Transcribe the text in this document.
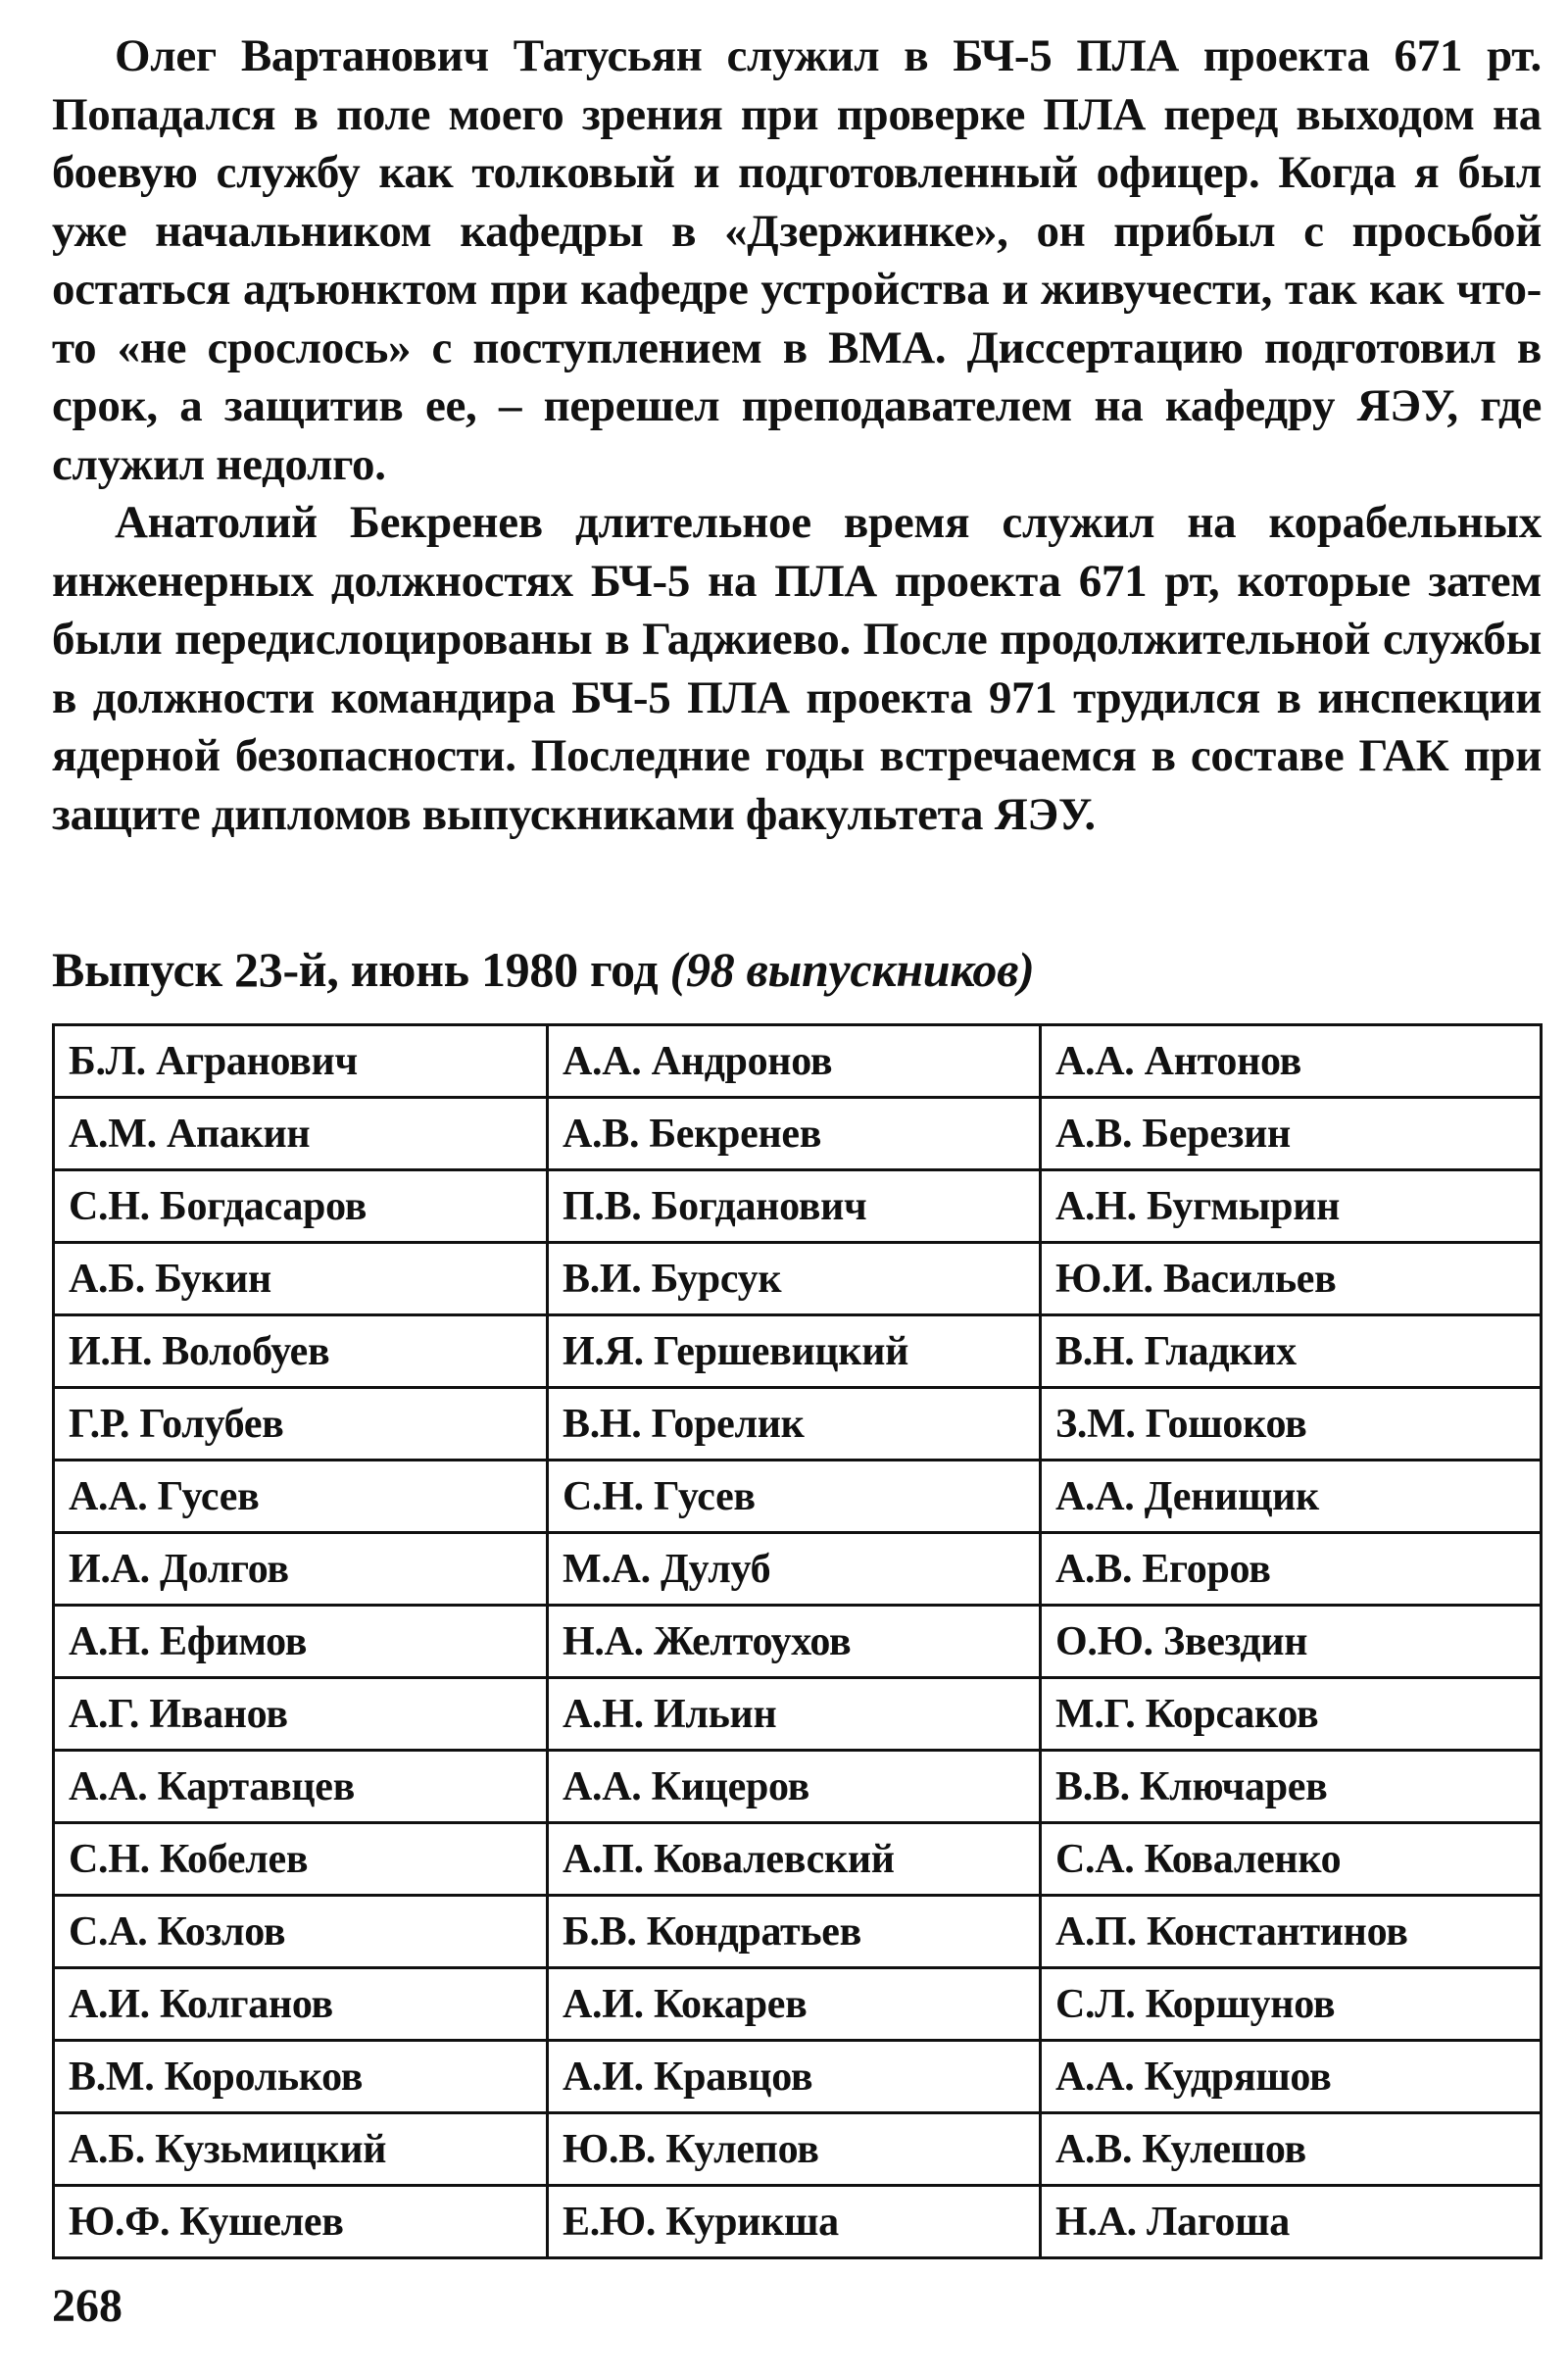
Олег Вартанович Татусьян служил в БЧ-5 ПЛА проекта 671 рт. Попадался в поле моего зрения при проверке ПЛА перед выходом на боевую службу как толковый и подготовленный офицер. Когда я был уже начальником кафедры в «Дзержинке», он прибыл с просьбой остаться адъюнктом при кафедре устройства и живучести, так как что-то «не срослось» с поступлением в ВМА. Диссертацию подготовил в срок, а защитив ее, – перешел преподавателем на кафедру ЯЭУ, где служил недолго.

Анатолий Бекренев длительное время служил на корабельных инженерных должностях БЧ-5 на ПЛА проекта 671 рт, которые затем были передислоцированы в Гаджиево. После продолжительной службы в должности командира БЧ-5 ПЛА проекта 971 трудился в инспекции ядерной безопасности. Последние годы встречаемся в составе ГАК при защите дипломов выпускниками факультета ЯЭУ.

Выпуск 23-й, июнь 1980 год (98 выпускников)
Б.Л. Агранович	А.А. Андронов	А.А. Антонов
А.М. Апакин	А.В. Бекренев	А.В. Березин
С.Н. Богдасаров	П.В. Богданович	А.Н. Бугмырин
А.Б. Букин	В.И. Бурсук	Ю.И. Васильев
И.Н. Волобуев	И.Я. Гершевицкий	В.Н. Гладких
Г.Р. Голубев	В.Н. Горелик	З.М. Гошоков
А.А. Гусев	С.Н. Гусев	А.А. Денищик
И.А. Долгов	М.А. Дулуб	А.В. Егоров
А.Н. Ефимов	Н.А. Желтоухов	О.Ю. Звездин
А.Г. Иванов	А.Н. Ильин	М.Г. Корсаков
А.А. Картавцев	А.А. Кицеров	В.В. Ключарев
С.Н. Кобелев	А.П. Ковалевский	С.А. Коваленко
С.А. Козлов	Б.В. Кондратьев	А.П. Константинов
А.И. Колганов	А.И. Кокарев	С.Л. Коршунов
В.М. Корольков	А.И. Кравцов	А.А. Кудряшов
А.Б. Кузьмицкий	Ю.В. Кулепов	А.В. Кулешов
Ю.Ф. Кушелев	Е.Ю. Курикша	Н.А. Лагоша
268
